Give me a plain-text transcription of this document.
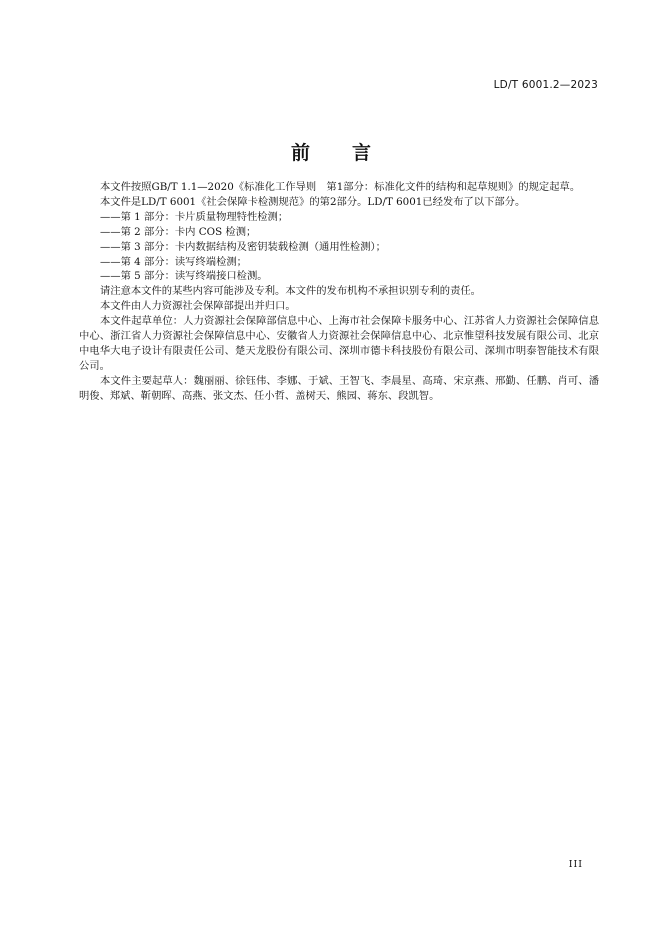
LD/T 6001.2—2023
前 言

本文件按照GB/T 1.1—2020《标准化工作导则　第1部分：标准化文件的结构和起草规则》的规定起草。

本文件是LD/T 6001《社会保障卡检测规范》的第2部分。LD/T 6001已经发布了以下部分。

——第 1 部分：卡片质量物理特性检测；

——第 2 部分：卡内 COS 检测；

——第 3 部分：卡内数据结构及密钥装载检测（通用性检测）；

——第 4 部分：读写终端检测；

——第 5 部分：读写终端接口检测。

请注意本文件的某些内容可能涉及专利。本文件的发布机构不承担识别专利的责任。

本文件由人力资源社会保障部提出并归口。

本文件起草单位：人力资源社会保障部信息中心、上海市社会保障卡服务中心、江苏省人力资源社会保障信息中心、浙江省人力资源社会保障信息中心、安徽省人力资源社会保障信息中心、北京惟望科技发展有限公司、北京中电华大电子设计有限责任公司、楚天龙股份有限公司、深圳市德卡科技股份有限公司、深圳市明泰智能技术有限公司。

本文件主要起草人：魏丽丽、徐钰伟、李娜、于斌、王智飞、李晨星、高琦、宋京燕、邢勤、任鹏、肖可、潘明俊、郑斌、靳朝晖、高燕、张文杰、任小哲、盖树天、熊园、蒋东、段凯智。

III
